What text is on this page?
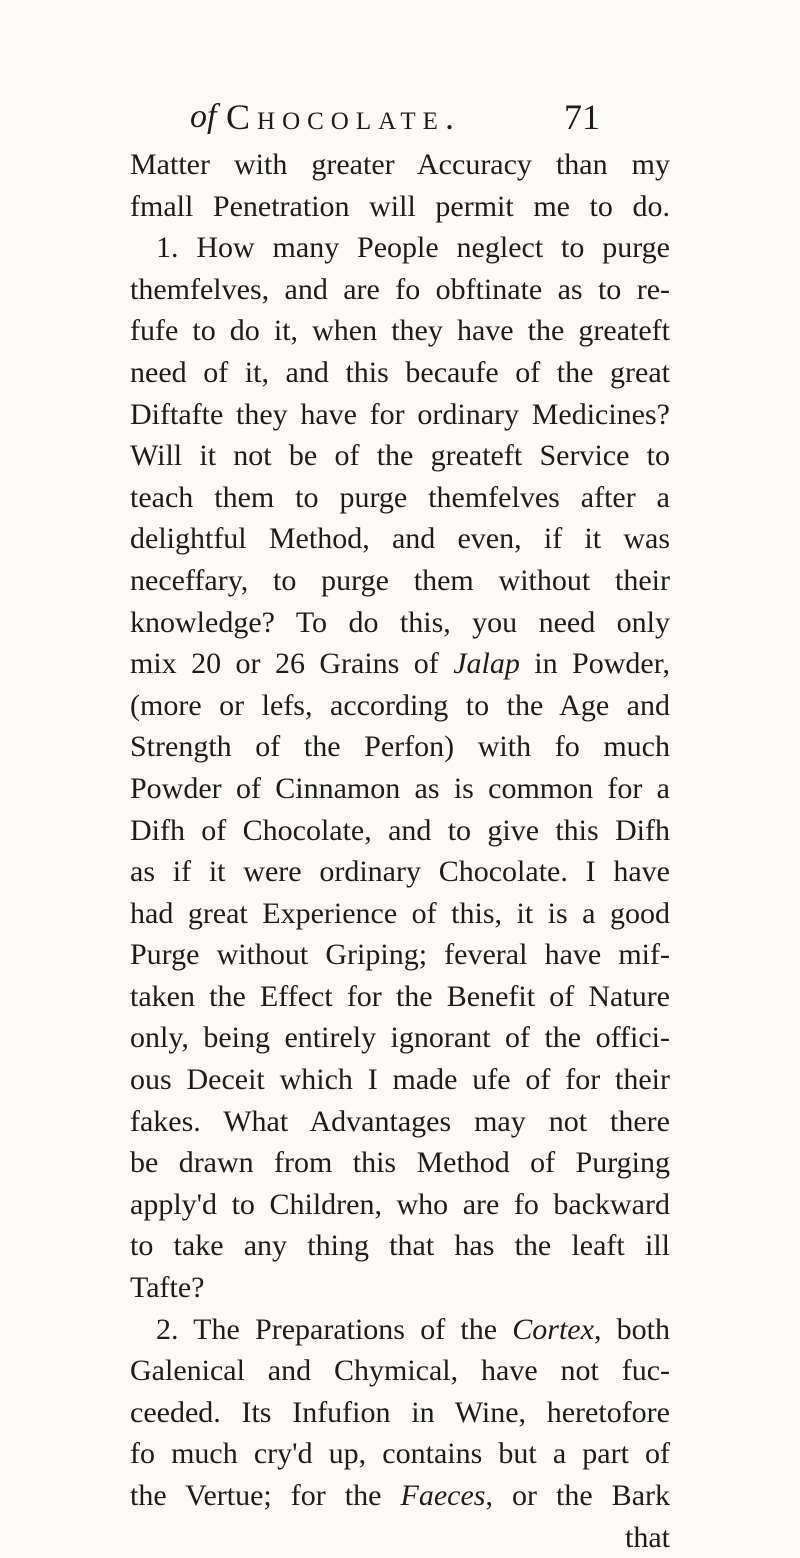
of Chocolate.	71
Matter with greater Accuracy than my
fmall Penetration will permit me to do.
1. How many People neglect to purge
themfelves, and are fo obftinate as to re-
fufe to do it, when they have the greateft
need of it, and this becaufe of the great
Diftafte they have for ordinary Medicines?
Will it not be of the greateft Service to
teach them to purge themfelves after a
delightful Method, and even, if it was
neceffary, to purge them without their
knowledge? To do this, you need only
mix 20 or 26 Grains of Jalap in Powder,
(more or lefs, according to the Age and
Strength of the Perfon) with fo much
Powder of Cinnamon as is common for a
Difh of Chocolate, and to give this Difh
as if it were ordinary Chocolate. I have
had great Experience of this, it is a good
Purge without Griping; feveral have mif-
taken the Effect for the Benefit of Nature
only, being entirely ignorant of the offici-
ous Deceit which I made ufe of for their
fakes. What Advantages may not there
be drawn from this Method of Purging
apply'd to Children, who are fo backward
to take any thing that has the leaft ill
Tafte?
2. The Preparations of the Cortex, both
Galenical and Chymical, have not fuc-
ceeded. Its Infufion in Wine, heretofore
fo much cry'd up, contains but a part of
the Vertue; for the Faeces, or the Bark
that
